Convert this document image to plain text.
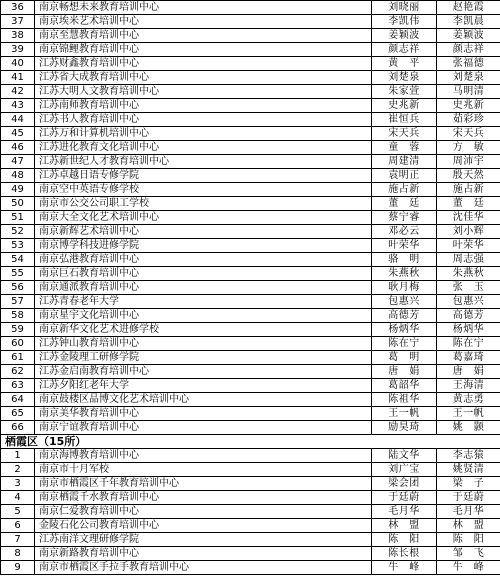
36	南京畅想未来教育培训中心	刘晓丽	赵艳霞
37	南京埃米艺术培训中心	李凯伟	李凯晨
38	南京至慧教育培训中心	姜颖波	姜颖波
39	南京锦鲤教育培训中心	颜志祥	颜志祥
40	江苏财鑫教育培训中心	黄　平	张福德
41	江苏省大成教育培训中心	刘楚泉	刘楚泉
42	江苏大明人文教育培训中心	朱家萱	马明清
43	江苏南师教育培训中心	史兆新	史兆新
44	江苏书人教育培训中心	崔恒兵	茹彩珍
45	江苏万和计算机培训中心	宋天兵	宋天兵
46	江苏进化教育文化培训中心	童　蓉	方　敏
47	江苏新世纪人才教育培训中心	周建清	周沛宇
48	江苏卓越日语专修学院	袁明正	殷天然
49	南京空中英语专修学校	施占新	施占新
50	南京市公交公司职工学校	董　廷	董　廷
51	南京大全文化艺术培训中心	蔡宁睿	沈佳华
52	南京新辉艺术培训中心	邓必云	刘小辉
53	南京博学科技进修学院	叶荣华	叶荣华
54	南京弘港教育培训中心	骆　明	周志强
55	南京巨石教育培训中心	朱燕秋	朱燕秋
56	南京通派教育培训中心	耿月梅	张　玉
57	江苏青春老年大学	包惠兴	包惠兴
58	南京星宇文化培训中心	高德芳	高德芳
59	南京新华文化艺术进修学校	杨炳华	杨炳华
60	江苏钟山教育培训中心	陈在宁	陈在宁
61	江苏金陵理工研修学院	葛　明	葛嘉琦
62	江苏金启南教育培训中心	唐　娟	唐　娟
63	江苏夕阳红老年大学	葛韶华	王海清
64	南京鼓楼区品博文化艺术培训中心	陈祖华	黄志勇
65	南京美华教育培训中心	王一帆	王一帆
66	南京宁谊教育培训中心	励昊琦	姚　颢
栖霞区（15所）			
1	南京海博教育培训中心	陆文华	李志猿
2	南京市十月军校	刘广宝	姚贤清
3	南京市栖霞区千年教育培训中心	梁会团	梁　子
4	南京栖霞千水教育培训中心	于廷蔚	于廷蔚
5	南京仁爱教育培训中心	毛月华	毛月华
6	金陵石化公司教育培训中心	林　盟	林　盟
7	江苏南洋文理研修学院	陈　阳	陈　阳
8	南京新路教育培训中心	陈长根	邹　飞
9	南京市栖霞区手拉手教育培训中心	牛　峰	牛　峰
